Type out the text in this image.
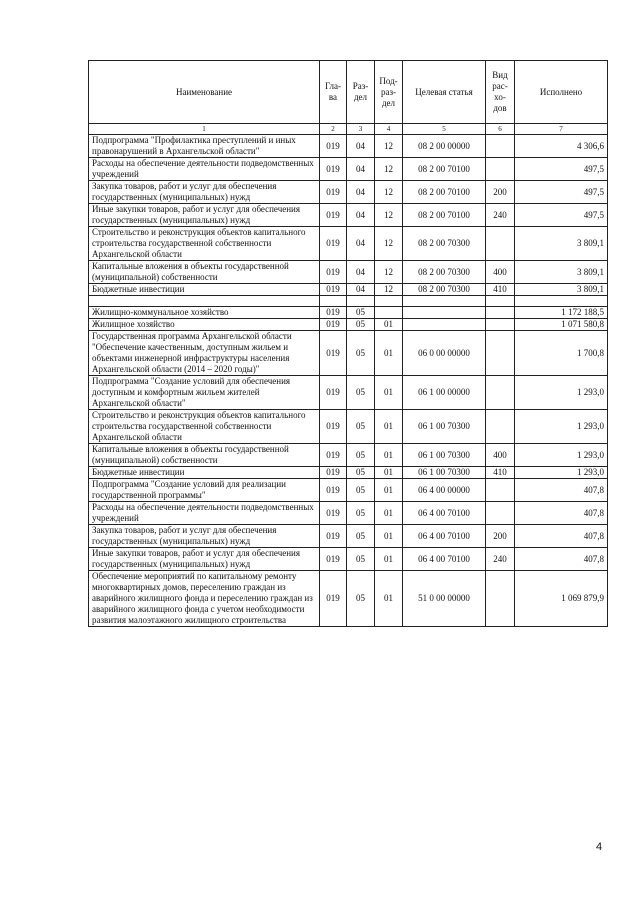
Наименование	Гла- ва	Раз- дел	Под- раз- дел	Целевая статья	Вид рас- хо- дов	Исполнено
1	2	3	4	5	6	7
Подпрограмма "Профилактика преступлений и иных правонарушений в Архангельской области"	019	04	12	08 2 00 00000		4 306,6
Расходы на обеспечение деятельности подведомственных учреждений	019	04	12	08 2 00 70100		497,5
Закупка товаров, работ и услуг для обеспечения государственных (муниципальных) нужд	019	04	12	08 2 00 70100	200	497,5
Иные закупки товаров, работ и услуг для обеспечения государственных (муниципальных) нужд	019	04	12	08 2 00 70100	240	497,5
Строительство и реконструкция объектов капитального строительства государственной собственности Архангельской области	019	04	12	08 2 00 70300		3 809,1
Капитальные вложения в объекты государственной (муниципальной) собственности	019	04	12	08 2 00 70300	400	3 809,1
Бюджетные инвестиции	019	04	12	08 2 00 70300	410	3 809,1

Жилищно-коммунальное хозяйство	019	05				1 172 188,5
Жилищное хозяйство	019	05	01			1 071 580,8
Государственная программа Архангельской области "Обеспечение качественным, доступным жильем и объектами инженерной инфраструктуры населения Архангельской области (2014 – 2020 годы)"	019	05	01	06 0 00 00000		1 700,8
Подпрограмма "Создание условий для обеспечения доступным и комфортным жильем жителей Архангельской области"	019	05	01	06 1 00 00000		1 293,0
Строительство и реконструкция объектов капитального строительства государственной собственности Архангельской области	019	05	01	06 1 00 70300		1 293,0
Капитальные вложения в объекты государственной (муниципальной) собственности	019	05	01	06 1 00 70300	400	1 293,0
Бюджетные инвестиции	019	05	01	06 1 00 70300	410	1 293,0
Подпрограмма "Создание условий для реализации государственной программы"	019	05	01	06 4 00 00000		407,8
Расходы на обеспечение деятельности подведомственных учреждений	019	05	01	06 4 00 70100		407,8
Закупка товаров, работ и услуг для обеспечения государственных (муниципальных) нужд	019	05	01	06 4 00 70100	200	407,8
Иные закупки товаров, работ и услуг для обеспечения государственных (муниципальных) нужд	019	05	01	06 4 00 70100	240	407,8
Обеспечение мероприятий по капитальному ремонту многоквартирных домов, переселению граждан из аварийного жилищного фонда и переселению граждан из аварийного жилищного фонда с учетом необходимости развития малоэтажного жилищного строительства	019	05	01	51 0 00 00000		1 069 879,9
4
